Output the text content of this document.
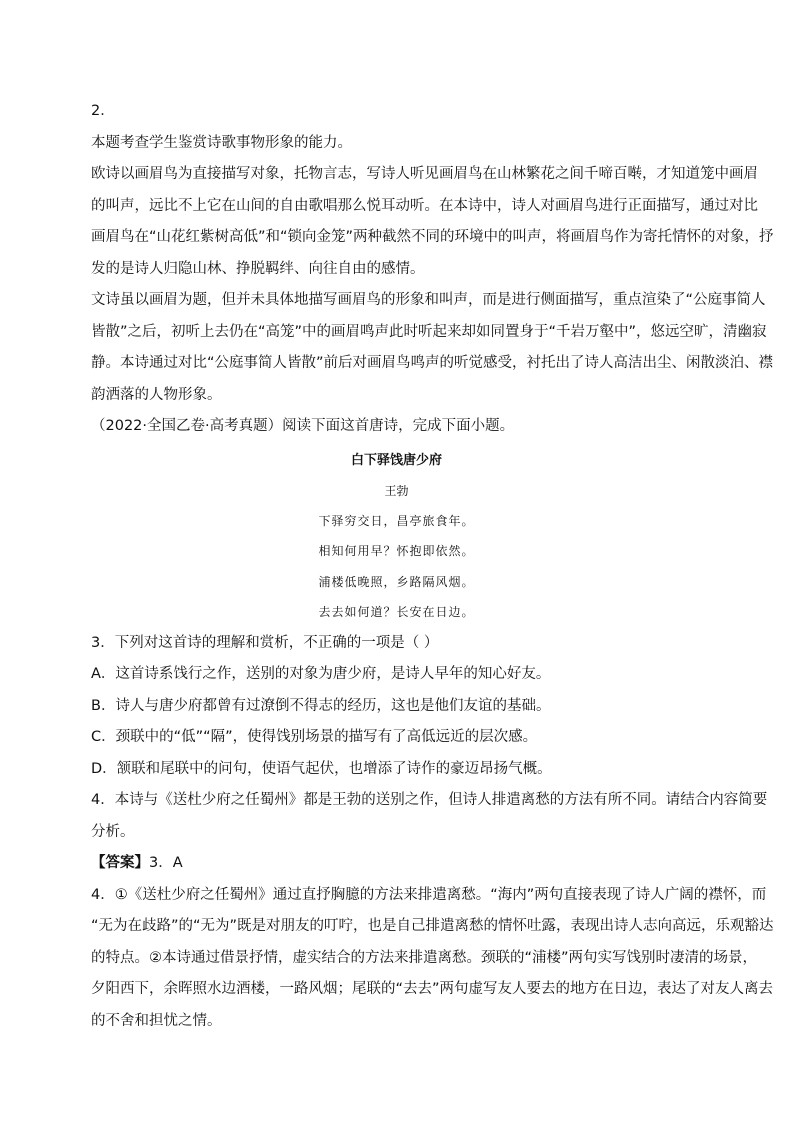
2．
本题考查学生鉴赏诗歌事物形象的能力。
欧诗以画眉鸟为直接描写对象，托物言志，写诗人听见画眉鸟在山林繁花之间千啼百啭，才知道笼中画眉
的叫声，远比不上它在山间的自由歌唱那么悦耳动听。在本诗中，诗人对画眉鸟进行正面描写，通过对比
画眉鸟在“山花红紫树高低”和“锁向金笼”两种截然不同的环境中的叫声，将画眉鸟作为寄托情怀的对象，抒
发的是诗人归隐山林、挣脱羁绊、向往自由的感情。
文诗虽以画眉为题，但并未具体地描写画眉鸟的形象和叫声，而是进行侧面描写，重点渲染了“公庭事简人
皆散”之后，初听上去仍在“高笼”中的画眉鸣声此时听起来却如同置身于“千岩万壑中”，悠远空旷，清幽寂
静。本诗通过对比“公庭事简人皆散”前后对画眉鸟鸣声的听觉感受，衬托出了诗人高洁出尘、闲散淡泊、襟
韵洒落的人物形象。
（2022·全国乙卷·高考真题）阅读下面这首唐诗，完成下面小题。
白下驿饯唐少府
王勃
下驿穷交日，昌亭旅食年。
相知何用早？怀抱即依然。
浦楼低晚照，乡路隔风烟。
去去如何道？长安在日边。
3．下列对这首诗的理解和赏析，不正确的一项是（ ）
A．这首诗系饯行之作，送别的对象为唐少府，是诗人早年的知心好友。
B．诗人与唐少府都曾有过潦倒不得志的经历，这也是他们友谊的基础。
C．颈联中的“低”“隔”，使得饯别场景的描写有了高低远近的层次感。
D．颔联和尾联中的问句，使语气起伏，也增添了诗作的豪迈昂扬气概。
4．本诗与《送杜少府之任蜀州》都是王勃的送别之作，但诗人排遣离愁的方法有所不同。请结合内容简要
分析。
【答案】3．A
4．①《送杜少府之任蜀州》通过直抒胸臆的方法来排遣离愁。“海内”两句直接表现了诗人广阔的襟怀，而
“无为在歧路”的“无为”既是对朋友的叮咛，也是自己排遣离愁的情怀吐露，表现出诗人志向高远，乐观豁达
的特点。②本诗通过借景抒情，虚实结合的方法来排遣离愁。颈联的“浦楼”两句实写饯别时凄清的场景，
夕阳西下，余晖照水边酒楼，一路风烟；尾联的“去去”两句虚写友人要去的地方在日边，表达了对友人离去
的不舍和担忧之情。
